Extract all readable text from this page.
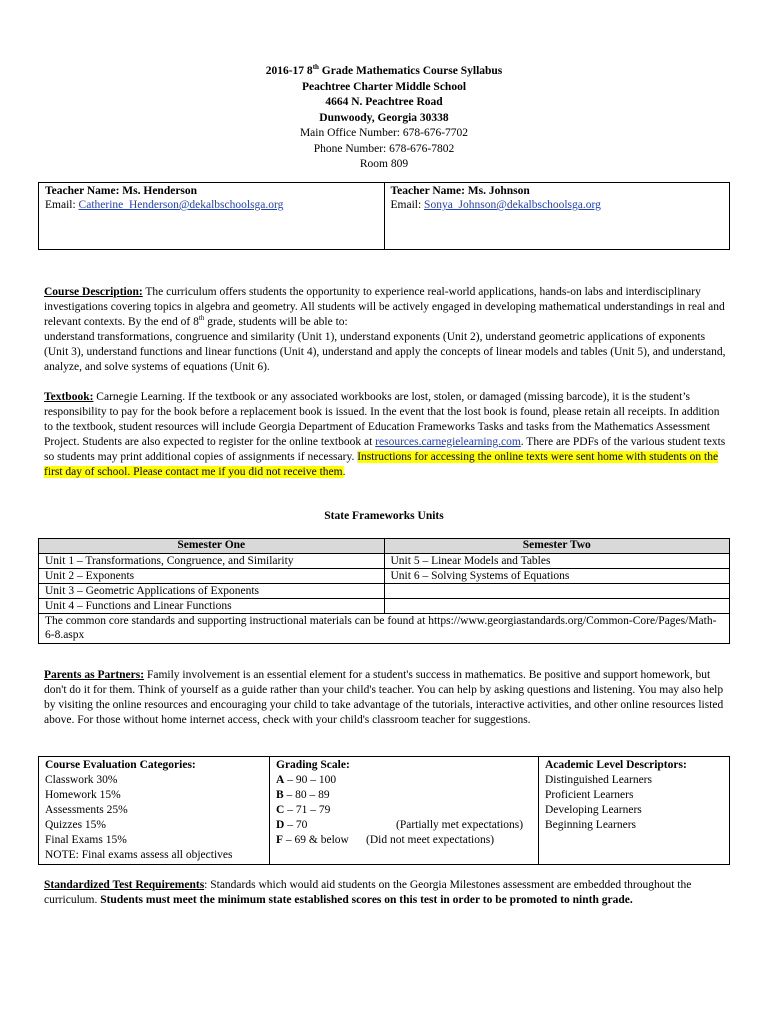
2016-17 8th Grade Mathematics Course Syllabus
Peachtree Charter Middle School
4664 N. Peachtree Road
Dunwoody, Georgia 30338
Main Office Number: 678-676-7702
Phone Number: 678-676-7802
Room 809
Teacher Name: Ms. Henderson
Email: Catherine_Henderson@dekalbschoolsga.org

Teacher Name: Ms. Johnson
Email: Sonya_Johnson@dekalbschoolsga.org
Course Description: The curriculum offers students the opportunity to experience real-world applications, hands-on labs and interdisciplinary investigations covering topics in algebra and geometry. All students will be actively engaged in developing mathematical understandings in real and relevant contexts. By the end of 8th grade, students will be able to:
understand transformations, congruence and similarity (Unit 1), understand exponents (Unit 2), understand geometric applications of exponents (Unit 3), understand functions and linear functions (Unit 4), understand and apply the concepts of linear models and tables (Unit 5), and understand, analyze, and solve systems of equations (Unit 6).
Textbook: Carnegie Learning. If the textbook or any associated workbooks are lost, stolen, or damaged (missing barcode), it is the student’s responsibility to pay for the book before a replacement book is issued. In the event that the lost book is found, please retain all receipts. In addition to the textbook, student resources will include Georgia Department of Education Frameworks Tasks and tasks from the Mathematics Assessment Project. Students are also expected to register for the online textbook at resources.carnegielearning.com. There are PDFs of the various student texts so students may print additional copies of assignments if necessary. Instructions for accessing the online texts were sent home with students on the first day of school. Please contact me if you did not receive them.
State Frameworks Units
Semester One	Semester Two
Unit 1 – Transformations, Congruence, and Similarity	Unit 5 – Linear Models and Tables
Unit 2 – Exponents	Unit 6 – Solving Systems of Equations
Unit 3 – Geometric Applications of Exponents	
Unit 4 – Functions and Linear Functions	
The common core standards and supporting instructional materials can be found at https://www.georgiastandards.org/Common-Core/Pages/Math-6-8.aspx	
Parents as Partners: Family involvement is an essential element for a student's success in mathematics. Be positive and support homework, but don't do it for them. Think of yourself as a guide rather than your child's teacher. You can help by asking questions and listening. You may also help by visiting the online resources and encouraging your child to take advantage of the tutorials, interactive activities, and other online resources listed above. For those without home internet access, check with your child's classroom teacher for suggestions.
Course Evaluation Categories:
Classwork 30%
Homework 15%
Assessments 25%
Quizzes 15%
Final Exams 15%
NOTE: Final exams assess all objectives

Grading Scale:
A – 90 – 100
B – 80 – 89
C – 71 – 79
D – 70	(Partially met expectations)
F – 69 & below	(Did not meet expectations)

Academic Level Descriptors:
Distinguished Learners
Proficient Learners
Developing Learners
Beginning Learners
Standardized Test Requirements: Standards which would aid students on the Georgia Milestones assessment are embedded throughout the curriculum. Students must meet the minimum state established scores on this test in order to be promoted to ninth grade.
